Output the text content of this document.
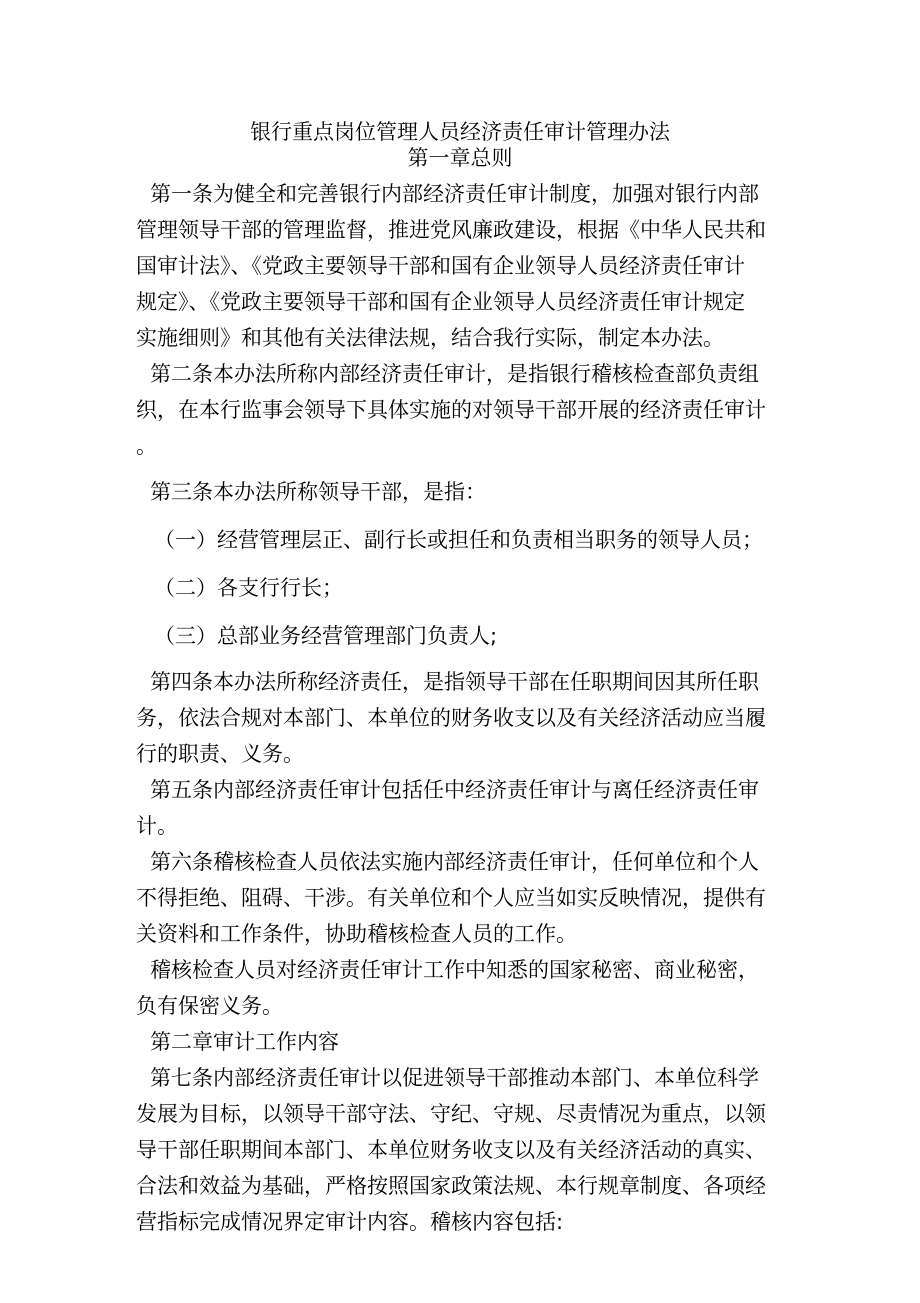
银行重点岗位管理人员经济责任审计管理办法
第一章总则
第一条为健全和完善银行内部经济责任审计制度，加强对银行内部
管理领导干部的管理监督，推进党风廉政建设，根据《中华人民共和
国审计法》、《党政主要领导干部和国有企业领导人员经济责任审计
规定》、《党政主要领导干部和国有企业领导人员经济责任审计规定
实施细则》和其他有关法律法规，结合我行实际，制定本办法。
第二条本办法所称内部经济责任审计，是指银行稽核检查部负责组
织，在本行监事会领导下具体实施的对领导干部开展的经济责任审计
。
第三条本办法所称领导干部，是指：
（一）经营管理层正、副行长或担任和负责相当职务的领导人员；
（二）各支行行长；
（三）总部业务经营管理部门负责人;
第四条本办法所称经济责任，是指领导干部在任职期间因其所任职
务，依法合规对本部门、本单位的财务收支以及有关经济活动应当履
行的职责、义务。
第五条内部经济责任审计包括任中经济责任审计与离任经济责任审
计。
第六条稽核检查人员依法实施内部经济责任审计，任何单位和个人
不得拒绝、阻碍、干涉。有关单位和个人应当如实反映情况，提供有
关资料和工作条件，协助稽核检查人员的工作。
稽核检查人员对经济责任审计工作中知悉的国家秘密、商业秘密，
负有保密义务。
第二章审计工作内容
第七条内部经济责任审计以促进领导干部推动本部门、本单位科学
发展为目标，以领导干部守法、守纪、守规、尽责情况为重点，以领
导干部任职期间本部门、本单位财务收支以及有关经济活动的真实、
合法和效益为基础，严格按照国家政策法规、本行规章制度、各项经
营指标完成情况界定审计内容。稽核内容包括:
